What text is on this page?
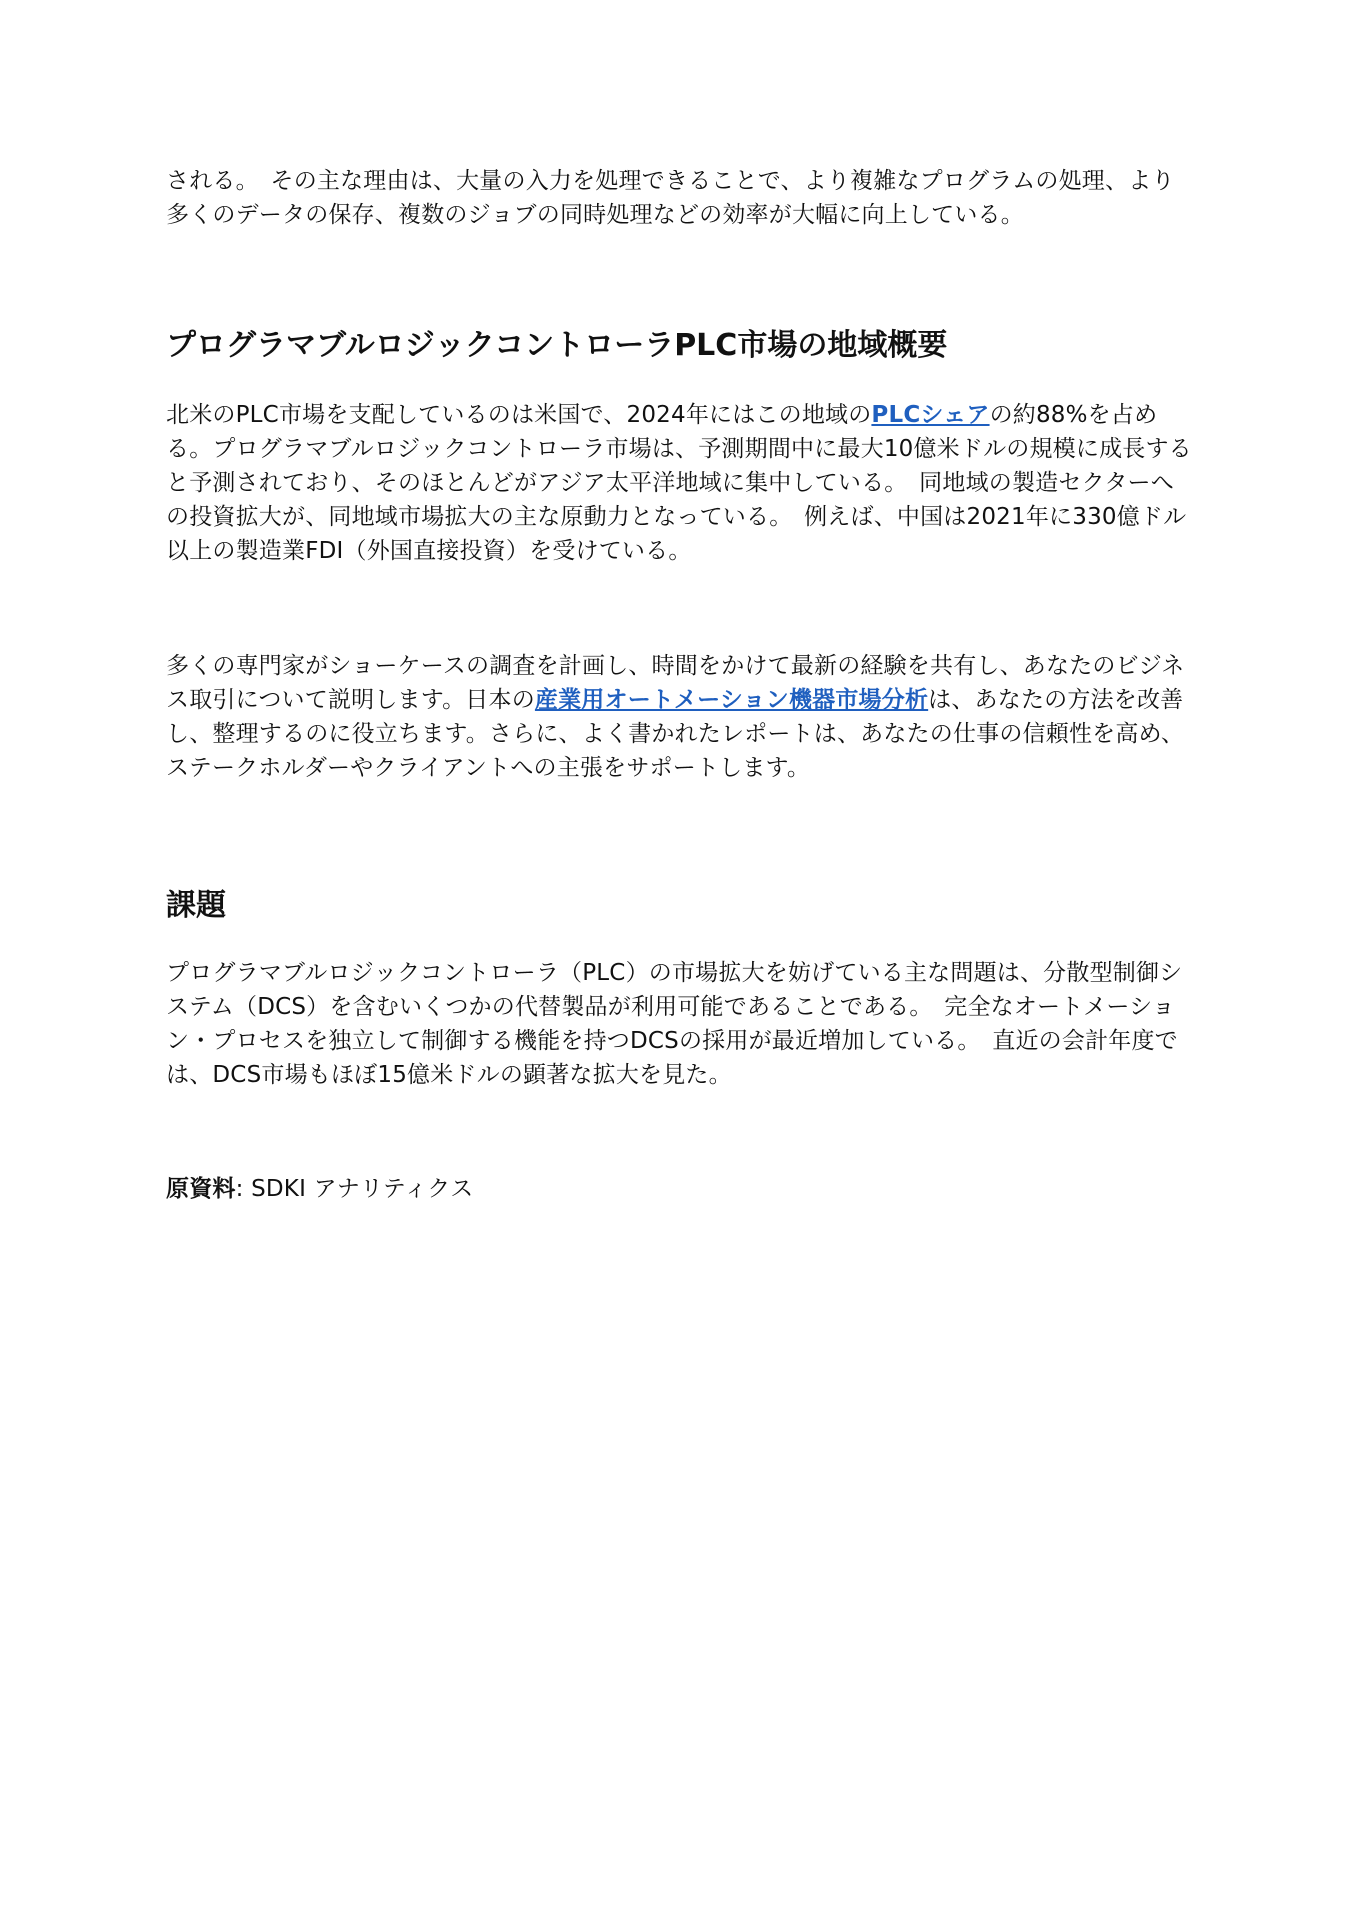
される。　その主な理由は、大量の入力を処理できることで、より複雑なプログラムの処理、より多くのデータの保存、複数のジョブの同時処理などの効率が大幅に向上している。

プログラマブルロジックコントローラPLC市場の地域概要

北米のPLC市場を支配しているのは米国で、2024年にはこの地域のPLCシェアの約88%を占める。プログラマブルロジックコントローラ市場は、予測期間中に最大10億米ドルの規模に成長すると予測されており、そのほとんどがアジア太平洋地域に集中している。　同地域の製造セクターへの投資拡大が、同地域市場拡大の主な原動力となっている。　例えば、中国は2021年に330億ドル以上の製造業FDI（外国直接投資）を受けている。

多くの専門家がショーケースの調査を計画し、時間をかけて最新の経験を共有し、あなたのビジネス取引について説明します。日本の産業用オートメーション機器市場分析は、あなたの方法を改善し、整理するのに役立ちます。さらに、よく書かれたレポートは、あなたの仕事の信頼性を高め、ステークホルダーやクライアントへの主張をサポートします。

課題

プログラマブルロジックコントローラ（PLC）の市場拡大を妨げている主な問題は、分散型制御システム（DCS）を含むいくつかの代替製品が利用可能であることである。　完全なオートメーション・プロセスを独立して制御する機能を持つDCSの採用が最近増加している。　直近の会計年度では、DCS市場もほぼ15億米ドルの顕著な拡大を見た。

原資料: SDKI アナリティクス
